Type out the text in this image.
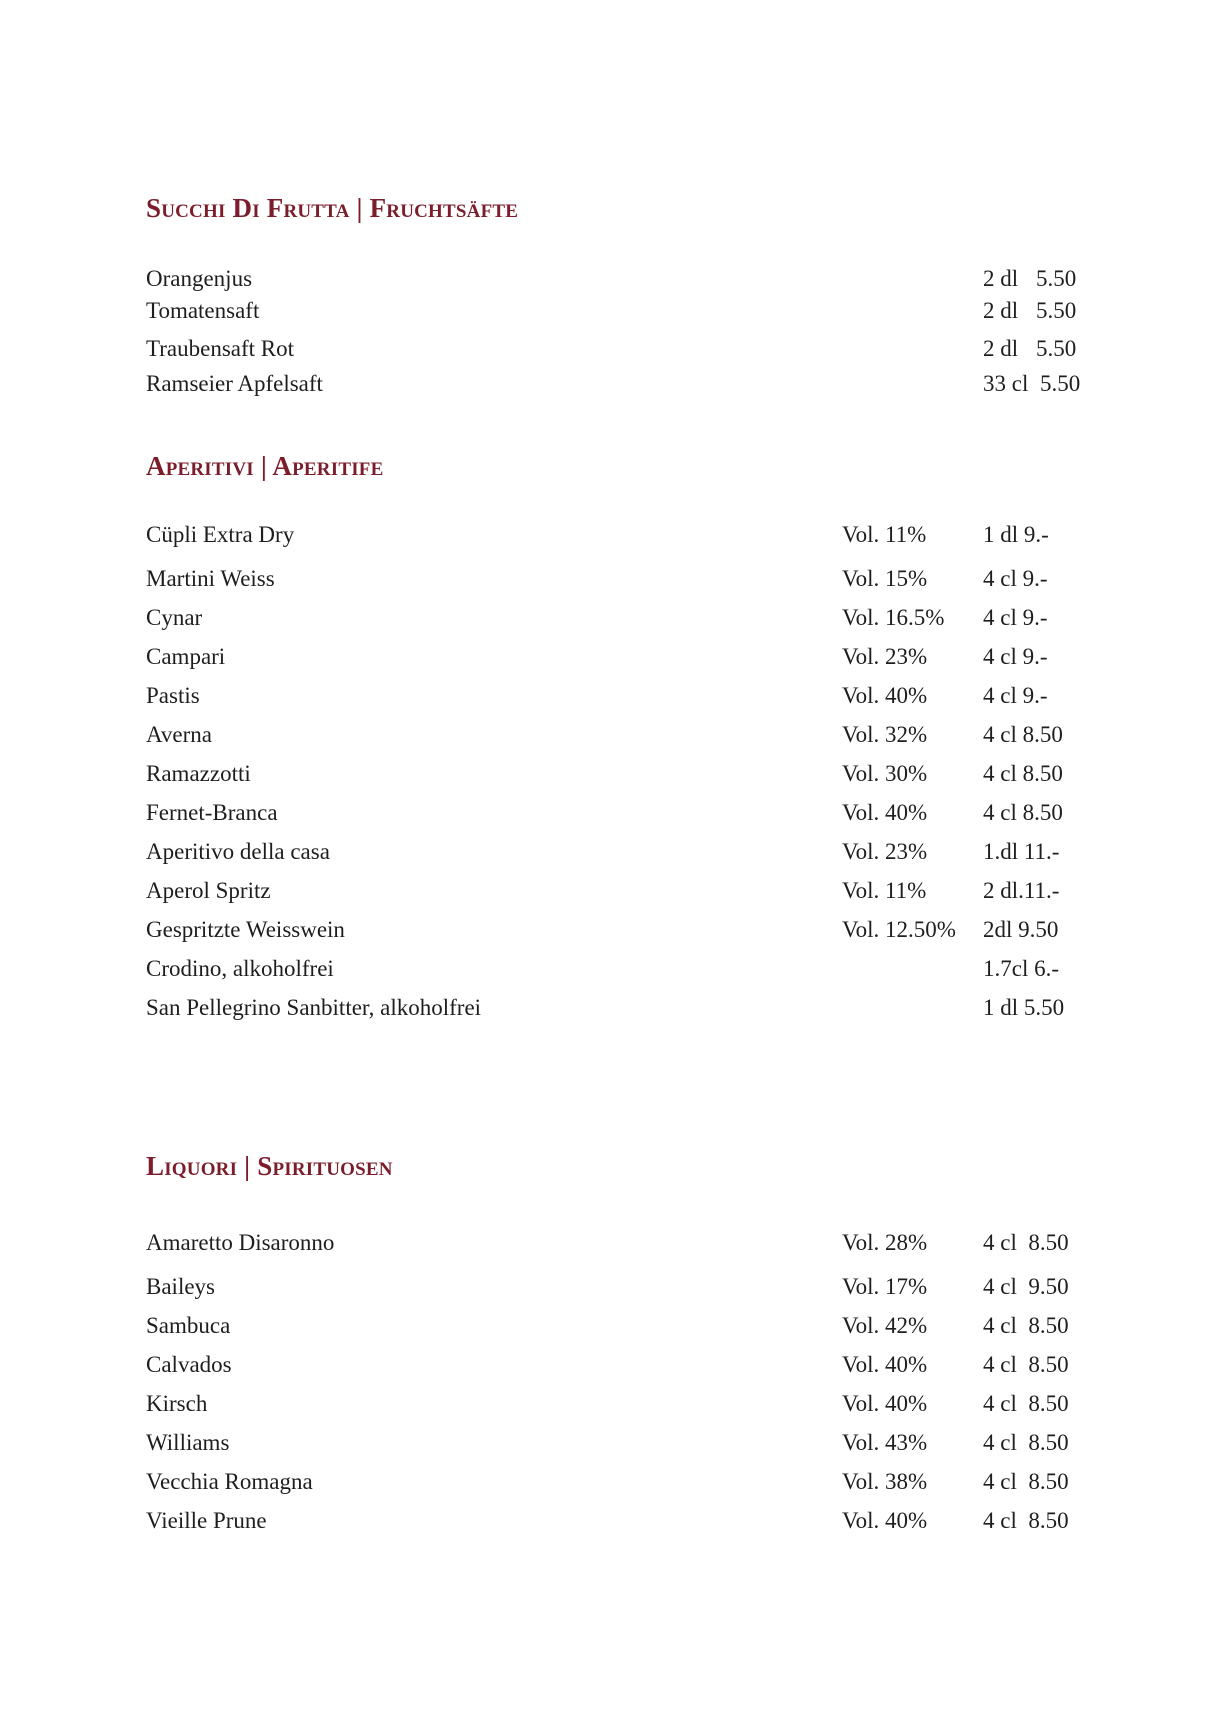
Succhi Di Frutta | Fruchtsäfte
Orangenjus	2 dl 5.50
Tomatensaft	2 dl 5.50
Traubensaft Rot	2 dl 5.50
Ramseier Apfelsaft	33 cl 5.50
Aperitivi | Aperitife
Cüpli Extra Dry	Vol. 11% 1 dl 9.-
Martini Weiss	Vol. 15% 4 cl 9.-
Cynar	Vol. 16.5% 4 cl 9.-
Campari	Vol. 23% 4 cl 9.-
Pastis	Vol. 40% 4 cl 9.-
Averna	Vol. 32% 4 cl 8.50
Ramazzotti	Vol. 30% 4 cl 8.50
Fernet-Branca	Vol. 40% 4 cl 8.50
Aperitivo della casa	Vol. 23% 1.dl 11.-
Aperol Spritz	Vol. 11% 2 dl.11.-
Gespritzte Weisswein	Vol. 12.50% 2dl 9.50
Crodino, alkoholfrei	1.7cl 6.-
San Pellegrino Sanbitter, alkoholfrei	1 dl 5.50
Liquori | Spirituosen
Amaretto Disaronno	Vol. 28% 4 cl  8.50
Baileys	Vol. 17% 4 cl  9.50
Sambuca	Vol. 42% 4 cl  8.50
Calvados	Vol. 40% 4 cl  8.50
Kirsch	Vol. 40% 4 cl  8.50
Williams	Vol. 43% 4 cl  8.50
Vecchia Romagna	Vol. 38% 4 cl  8.50
Vieille Prune	Vol. 40% 4 cl  8.50
